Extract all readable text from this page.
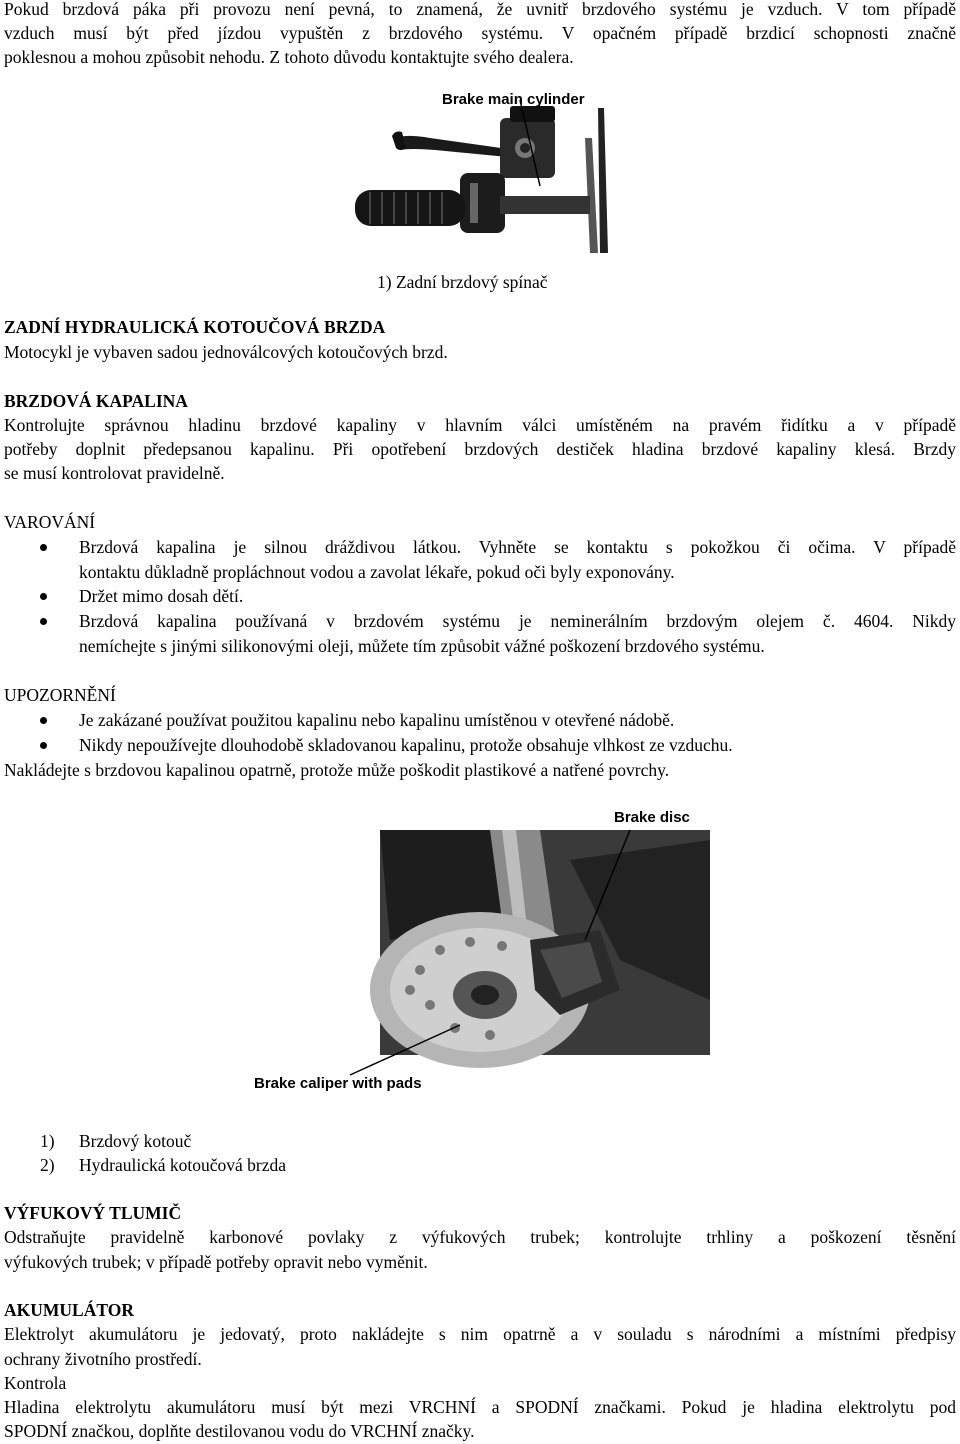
Pokud brzdová páka při provozu není pevná, to znamená, že uvnitř brzdového systému je vzduch. V tom případě
vzduch musí být před jízdou vypuštěn z brzdového systému. V opačném případě brzdicí schopnosti značně
poklesnou a mohou způsobit nehodu. Z tohoto důvodu kontaktujte svého dealera.
Brake main cylinder
1) Zadní brzdový spínač
ZADNÍ HYDRAULICKÁ KOTOUČOVÁ BRZDA
Motocykl je vybaven sadou jednoválcových kotoučových brzd.
BRZDOVÁ KAPALINA
Kontrolujte správnou hladinu brzdové kapaliny v hlavním válci umístěném na pravém řidítku a v případě
potřeby doplnit předepsanou kapalinu. Při opotřebení brzdových destiček hladina brzdové kapaliny klesá. Brzdy
se musí kontrolovat pravidelně.
VAROVÁNÍ
Brzdová kapalina je silnou dráždivou látkou. Vyhněte se kontaktu s pokožkou či očima. V případě
kontaktu důkladně propláchnout vodou a zavolat lékaře, pokud oči byly exponovány.
Držet mimo dosah dětí.
Brzdová kapalina používaná v brzdovém systému je neminerálním brzdovým olejem č. 4604. Nikdy
nemíchejte s jinými silikonovými oleji, můžete tím způsobit vážné poškození brzdového systému.
UPOZORNĚNÍ
Je zakázané používat použitou kapalinu nebo kapalinu umístěnou v otevřené nádobě.
Nikdy nepoužívejte dlouhodobě skladovanou kapalinu, protože obsahuje vlhkost ze vzduchu.
Nakládejte s brzdovou kapalinou opatrně, protože může poškodit plastikové a natřené povrchy.
Brake disc
Brake caliper with pads
1) Brzdový kotouč
2) Hydraulická kotoučová brzda
VÝFUKOVÝ TLUMIČ
Odstraňujte pravidelně karbonové povlaky z výfukových trubek; kontrolujte trhliny a poškození těsnění
výfukových trubek; v případě potřeby opravit nebo vyměnit.
AKUMULÁTOR
Elektrolyt akumulátoru je jedovatý, proto nakládejte s nim opatrně a v souladu s národními a místními předpisy
ochrany životního prostředí.
Kontrola
Hladina elektrolytu akumulátoru musí být mezi VRCHNÍ a SPODNÍ značkami. Pokud je hladina elektrolytu pod
SPODNÍ značkou, doplňte destilovanou vodu do VRCHNÍ značky.
